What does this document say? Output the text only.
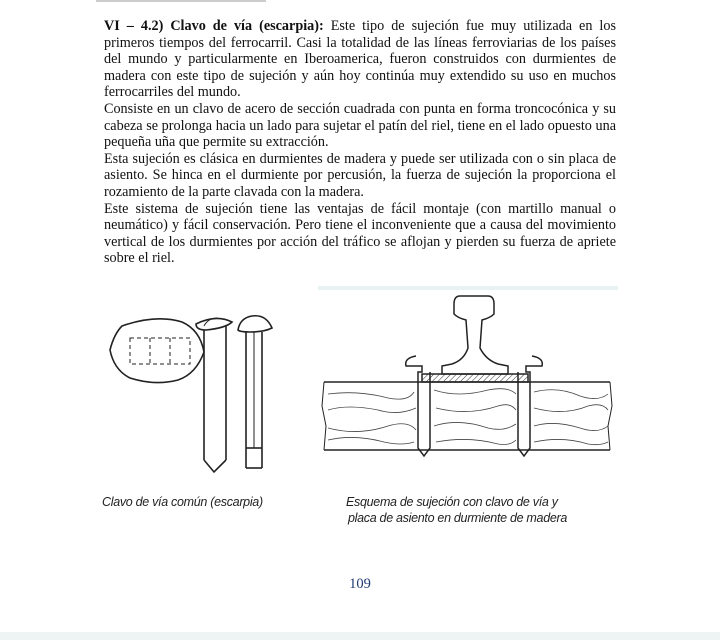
VI – 4.2) Clavo de vía (escarpia): Este tipo de sujeción fue muy utilizada en los primeros tiempos del ferrocarril. Casi la totalidad de las líneas ferroviarias de los países del mundo y particularmente en Iberoamerica, fueron construidos con durmientes de madera con este tipo de sujeción y aún hoy continúa muy extendido su uso en muchos ferrocarriles del mundo.

Consiste en un clavo de acero de sección cuadrada con punta en forma troncocónica y su cabeza se prolonga hacia un lado para sujetar el patín del riel, tiene en el lado opuesto una pequeña uña que permite su extracción.

Esta sujeción es clásica en durmientes de madera y puede ser utilizada con o sin placa de asiento. Se hinca en el durmiente por percusión, la fuerza de sujeción la proporciona el rozamiento de la parte clavada con la madera.

Este sistema de sujeción tiene las ventajas de fácil montaje (con martillo manual o neumático) y fácil conservación. Pero tiene el inconveniente que a causa del movimiento vertical de los durmientes por acción del tráfico se aflojan y pierden su fuerza de apriete sobre el riel.

Clavo de vía común (escarpia)	Esquema de sujeción con clavo de vía y
placa de asiento en durmiente de madera
109
